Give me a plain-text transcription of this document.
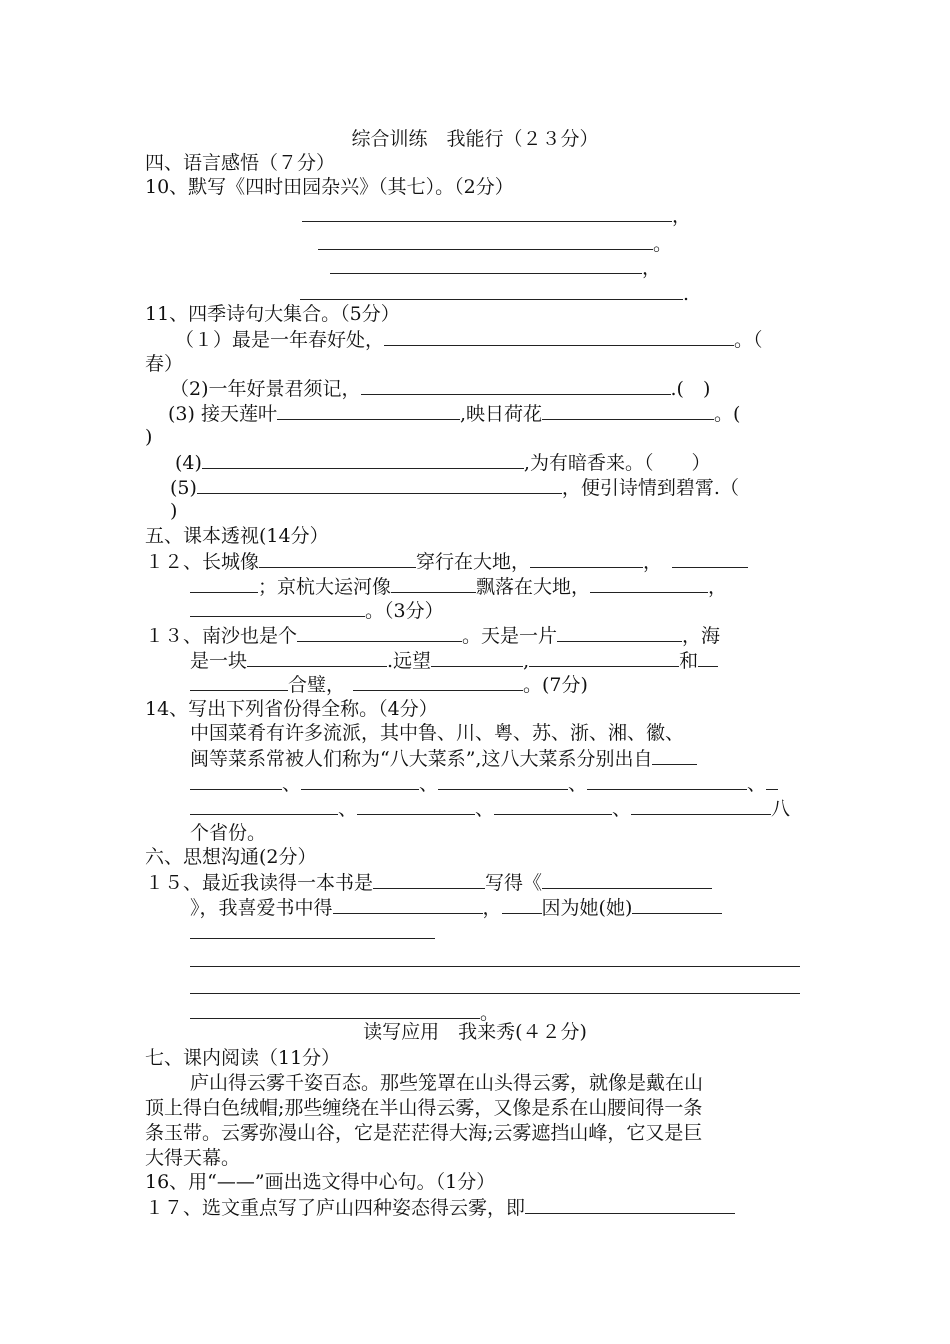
综合训练　我能行（２３分）
四、语言感悟（７分）
10、默写《四时田园杂兴》（其七）。（2分）
，
。
，
.
11、四季诗句大集合。（5分）
（１）最是一年春好处，	。（
春）
（2)一年好景君须记，	.(　)
(3) 接天莲叶	,映日荷花	。(
)
(4)	,为有暗香来。（　　）
(5)	，便引诗情到碧霄.（
)
五、课本透视(14分）
１２、长城像	穿行在大地，	，
；京杭大运河像	飘落在大地，	，
。（3分）
１３、南沙也是个	。天是一片	，海
是一块	.远望	,	和
合璧，	。(7分)
14、写出下列省份得全称。（4分）
中国菜肴有许多流派，其中鲁、川、粤、苏、浙、湘、徽、
闽等菜系常被人们称为“八大菜系”,这八大菜系分别出自
、	、	、	、
、	、	、	八
个省份。
六、思想沟通(2分）
１５、最近我读得一本书是	写得《
》，我喜爱书中得	， 因为她(她)
。
读写应用　我来秀(４２分)
七、课内阅读（11分）
庐山得云雾千姿百态。那些笼罩在山头得云雾，就像是戴在山
顶上得白色绒帽;那些缠绕在半山得云雾，又像是系在山腰间得一条
条玉带。云雾弥漫山谷，它是茫茫得大海;云雾遮挡山峰，它又是巨
大得天幕。
16、用“——”画出选文得中心句。（1分）
１７、选文重点写了庐山四种姿态得云雾，即
